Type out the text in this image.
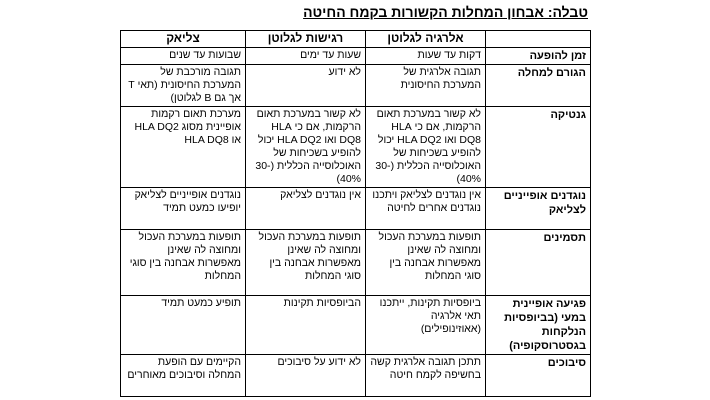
טבלה: אבחון המחלות הקשורות בקמח החיטה
	אלרגיה לגלוטן	רגישות לגלוטן	צליאק
זמן להופעה	דקות עד שעות	שעות עד ימים	שבועות עד שנים
הגורם למחלה	תגובה אלרגית של המערכת החיסונית	לא ידוע	תגובה מורכבת של המערכת החיסונית (תאי T אך גם B לגלוטן)
גנטיקה	לא קשור במערכת תאום הרקמות, אם כי HLA DQ8 ואו HLA DQ2 יכול להופיע בשכיחות של האוכלוסייה הכללית (30-40%)	לא קשור במערכת תאום הרקמות, אם כי HLA DQ8 ואו HLA DQ2 יכול להופיע בשכיחות של האוכלוסייה הכללית (30-40%)	מערכת תאום רקמות אופיינית מסוג HLA DQ2 או HLA DQ8
נוגדנים אופייניים לצליאק	אין נוגדנים לצליאק ויתכנו נוגדנים אחרים לחיטה	אין נוגדנים לצליאק	נוגדנים אופייניים לצליאק יופיעו כמעט תמיד
תסמינים	תופעות במערכת העכול ומחוצה לה שאינן מאפשרות אבחנה בין סוגי המחלות	תופעות במערכת העכול ומחוצה לה שאינן מאפשרות אבחנה בין סוגי המחלות	תופעות במערכת העכול ומחוצה לה שאינן מאפשרות אבחנה בין סוגי המחלות
פגיעה אופיינית במעי (בביופסיות הנלקחות בגסטרוסקופיה)	ביופסיות תקינות, ייתכנו תאי אלרגיה (אאוזינופילים)	הביופסיות תקינות	תופיע כמעט תמיד
סיבוכים	תתכן תגובה אלרגית קשה בחשיפה לקמח חיטה	לא ידוע על סיבוכים	הקיימים עם הופעת המחלה וסיבוכים מאוחרים
